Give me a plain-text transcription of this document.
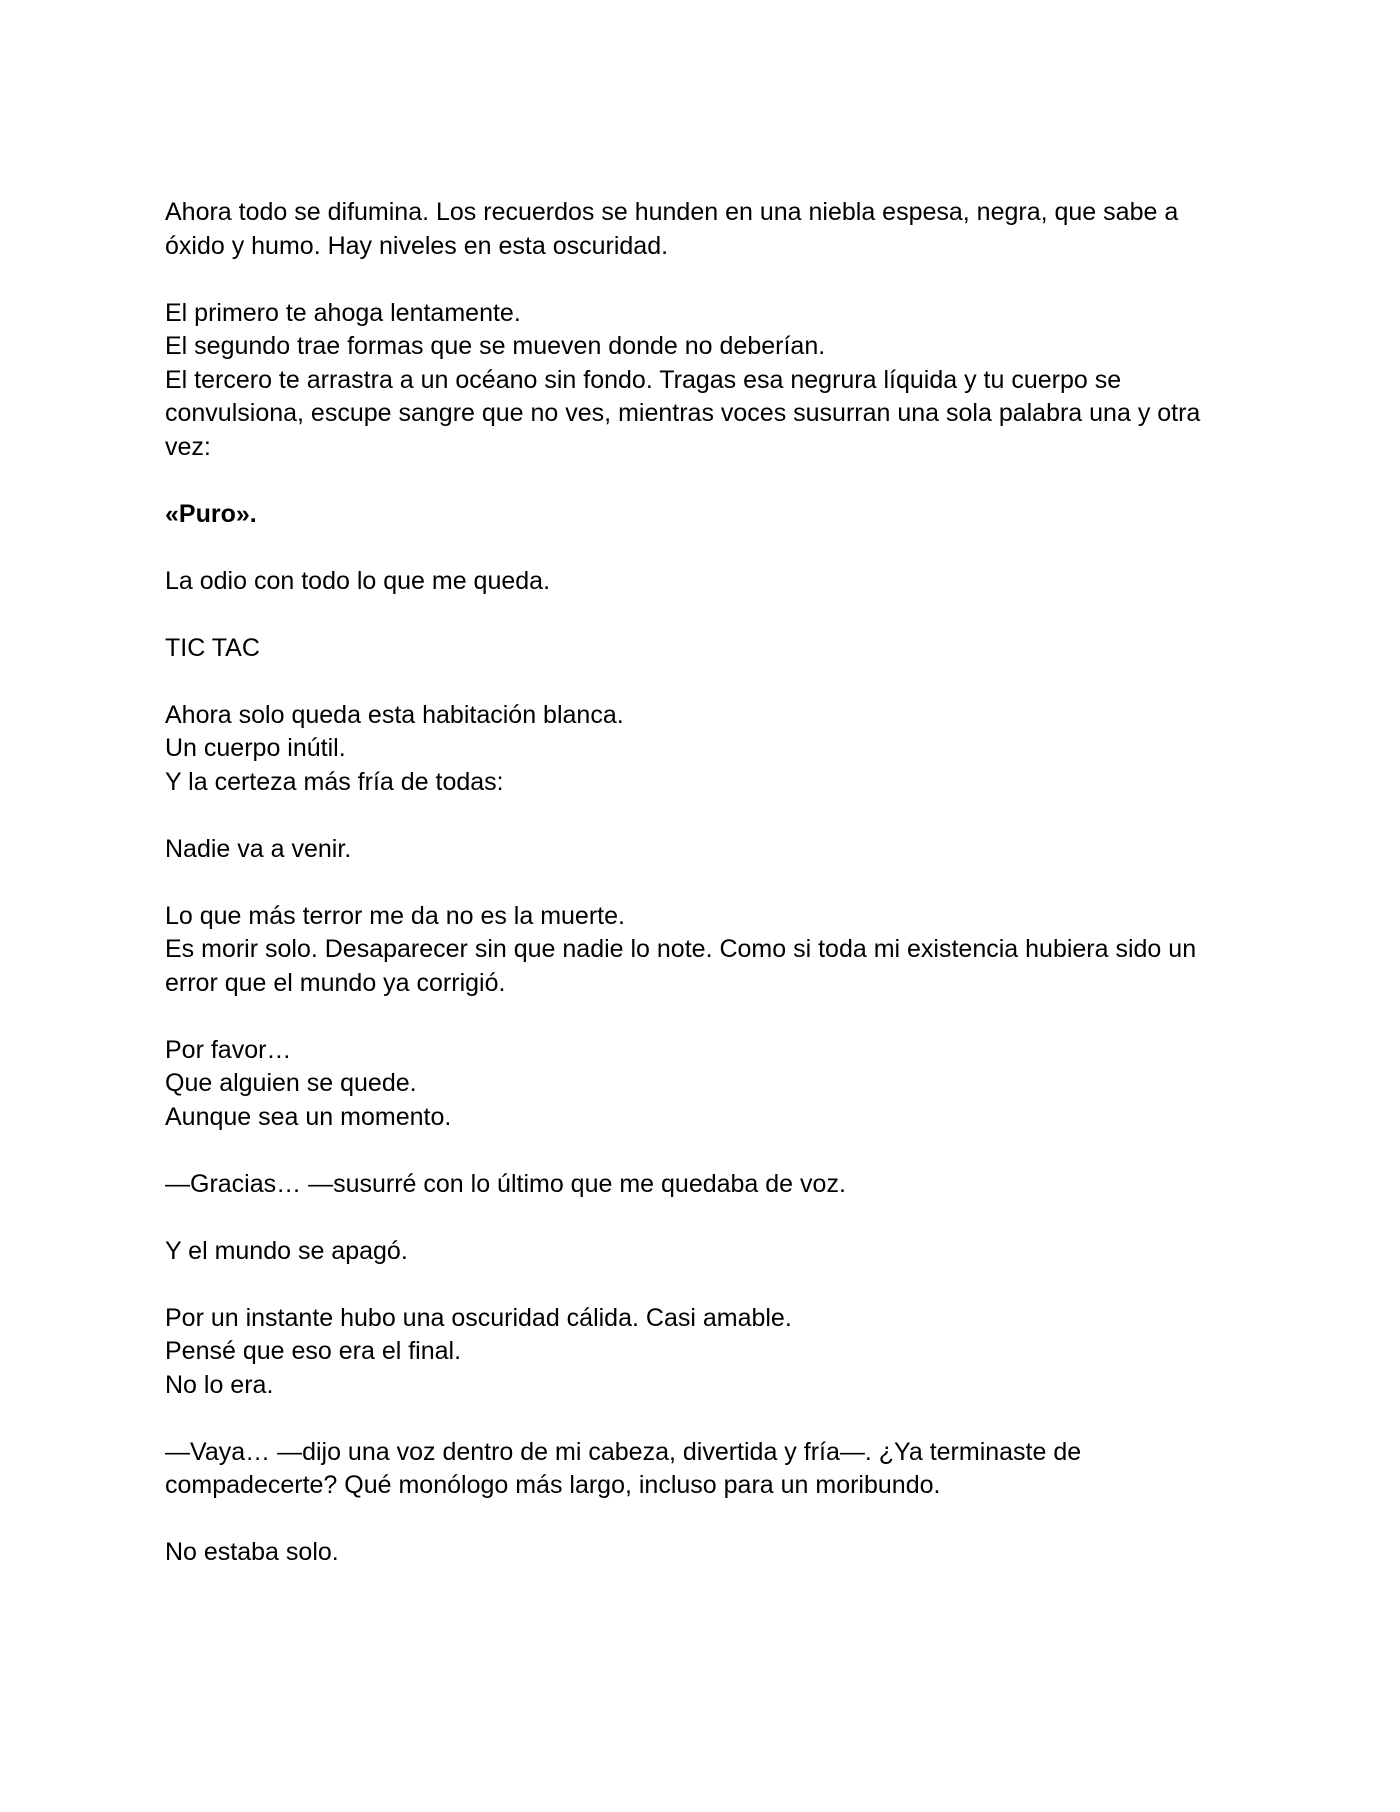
Ahora todo se difumina. Los recuerdos se hunden en una niebla espesa, negra, que sabe a óxido y humo. Hay niveles en esta oscuridad.
El primero te ahoga lentamente.
El segundo trae formas que se mueven donde no deberían.
El tercero te arrastra a un océano sin fondo. Tragas esa negrura líquida y tu cuerpo se convulsiona, escupe sangre que no ves, mientras voces susurran una sola palabra una y otra vez:
«Puro».
La odio con todo lo que me queda.
TIC TAC
Ahora solo queda esta habitación blanca.
Un cuerpo inútil.
Y la certeza más fría de todas:
Nadie va a venir.
Lo que más terror me da no es la muerte.
Es morir solo. Desaparecer sin que nadie lo note. Como si toda mi existencia hubiera sido un error que el mundo ya corrigió.
Por favor…
Que alguien se quede.
Aunque sea un momento.
—Gracias… —susurré con lo último que me quedaba de voz.
Y el mundo se apagó.
Por un instante hubo una oscuridad cálida. Casi amable.
Pensé que eso era el final.
No lo era.
—Vaya… —dijo una voz dentro de mi cabeza, divertida y fría—. ¿Ya terminaste de compadecerte? Qué monólogo más largo, incluso para un moribundo.
No estaba solo.
